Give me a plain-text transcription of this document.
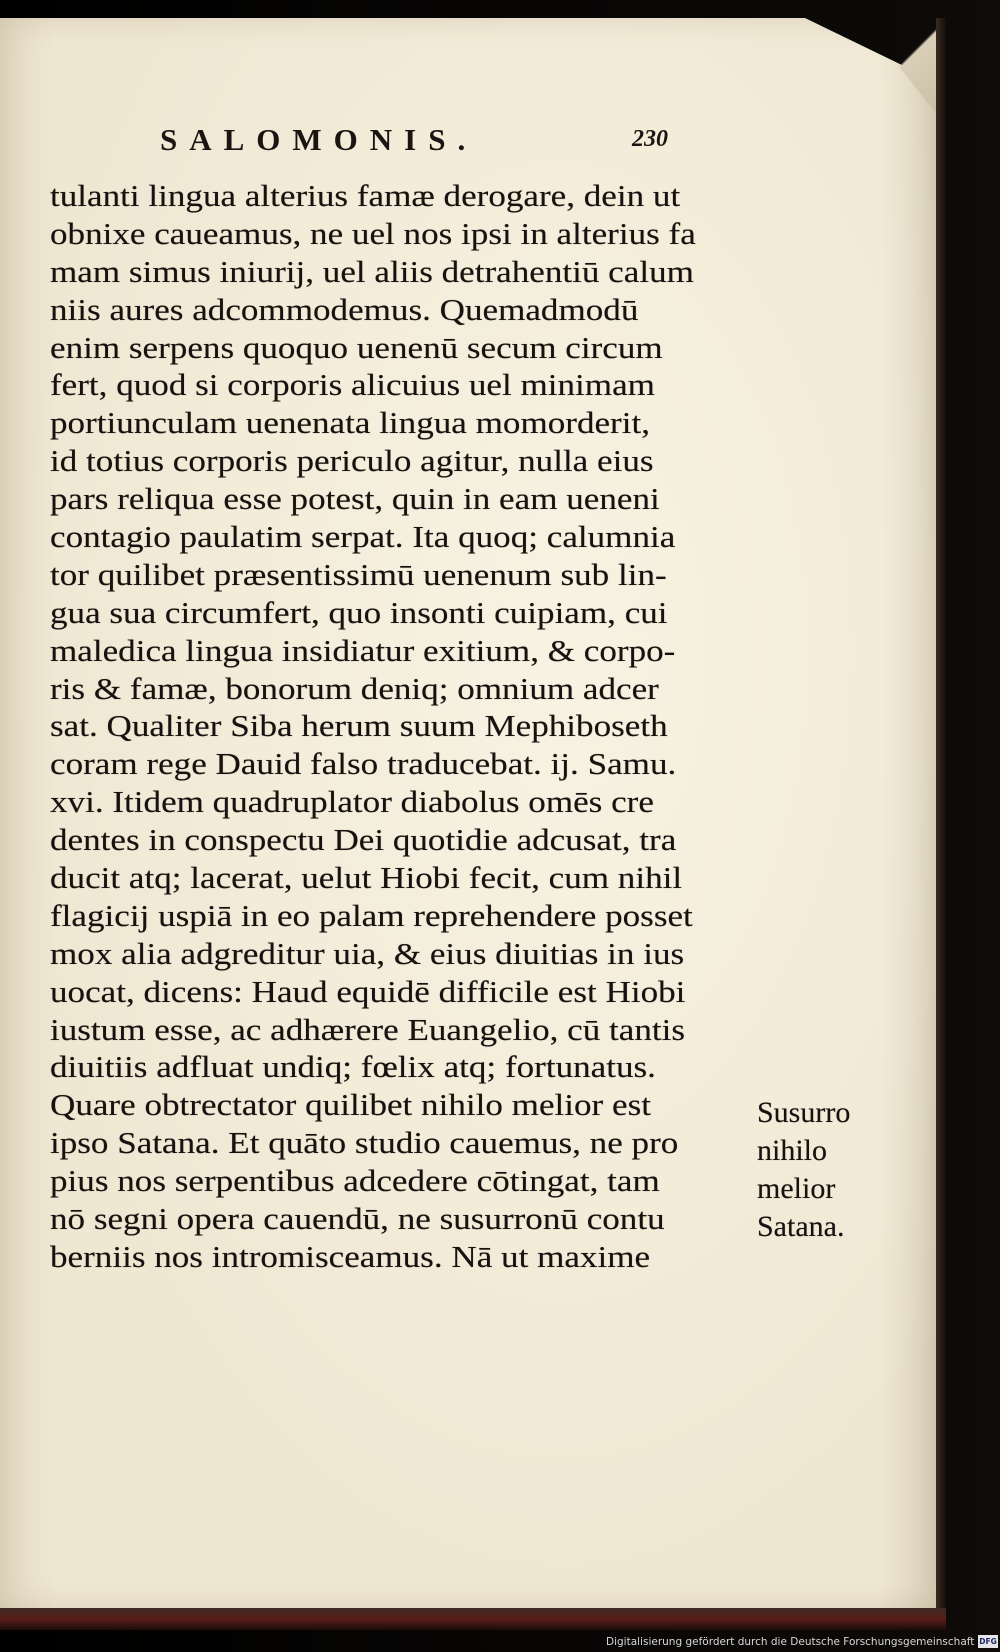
SALOMONIS.	230
tulanti lingua alterius famæ derogare, dein ut
obnixe caueamus, ne uel nos ipsi in alterius fa
mam simus iniurij, uel aliis detrahentiū calum
niis aures adcommodemus. Quemadmodū
enim serpens quoquo uenenū secum circum
fert, quod si corporis alicuius uel minimam
portiunculam uenenata lingua momorderit,
id totius corporis periculo agitur, nulla eius
pars reliqua esse potest, quin in eam ueneni
contagio paulatim serpat. Ita quoq; calumnia
tor quilibet præsentissimū uenenum sub lin-
gua sua circumfert, quo insonti cuipiam, cui
maledica lingua insidiatur exitium, & corpo-
ris & famæ, bonorum deniq; omnium adcer
sat. Qualiter Siba herum suum Mephiboseth
coram rege Dauid falso traducebat. ij. Samu.
xvi. Itidem quadruplator diabolus omēs cre
dentes in conspectu Dei quotidie adcusat, tra
ducit atq; lacerat, uelut Hiobi fecit, cum nihil
flagicij uspiā in eo palam reprehendere posset
mox alia adgreditur uia, & eius diuitias in ius
uocat, dicens: Haud equidē difficile est Hiobi
iustum esse, ac adhærere Euangelio, cū tantis
diuitiis adfluat undiq; fœlix atq; fortunatus.
Quare obtrectator quilibet nihilo melior est
ipso Satana. Et quāto studio cauemus, ne pro
pius nos serpentibus adcedere cōtingat, tam
nō segni opera cauendū, ne susurronū contu
berniis nos intromisceamus. Nā ut maxime
Susurro
nihilo
melior
Satana.
Digitalisierung gefördert durch die Deutsche Forschungsgemeinschaft DFG
